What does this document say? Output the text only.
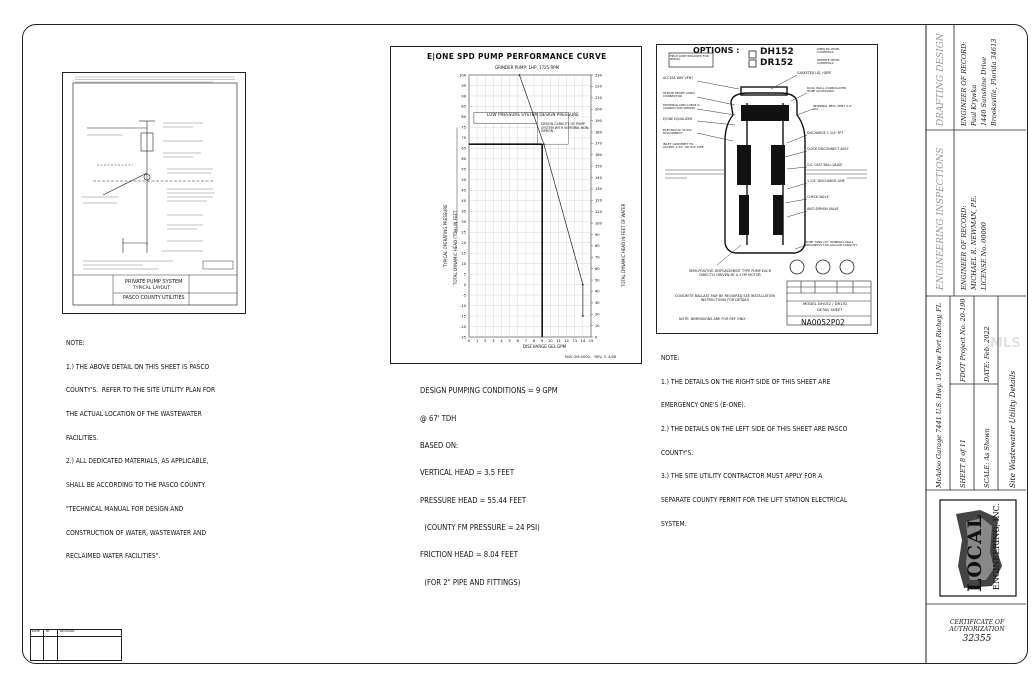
PRIVATE PUMP SYSTEM
TYPICAL LAYOUT
PASCO COUNTY UTILITIES

NOTE:

1.) THE ABOVE DETAIL ON THIS SHEET IS PASCO

COUNTY'S.  REFER TO THE SITE UTILITY PLAN FOR

THE ACTUAL LOCATION OF THE WASTEWATER

FACILITIES.

2.) ALL DEDICATED MATERIALS, AS APPLICABLE,

SHALL BE ACCORDING TO THE PASCO COUNTY

"TECHNICAL MANUAL FOR DESIGN AND

CONSTRUCTION OF WATER, WASTEWATER AND

RECLAIMED WATER FACILITIES".

100
95
90
85
80
75
70
65
60
55
50
45
40
35
30
25
20
15
10
5
0
-5
-10
-15
-20
-25
0 1 2 3 4 5 6 7 8 9 10 11 12 13 14 15
230
220
210
200
190
180
170
160
150
140
130
120
110
100
90
80
70
60
50
40
30
20
10
0
E|ONE SPD PUMP PERFORMANCE CURVE
GRINDER PUMP: 1HP, 1725 RPM
LOW PRESSURE SYSTEM DESIGN PRESSURE
DESIGN CAPACITY OF PUMP SYSTEM WITH INTEGRAL NON-SIPHON
DISCHARGE GEL GPM
ENV OM-0000    REV. 3  4/08
TYPICAL OPERATING PRESSURE TOTAL DYNAMIC HEAD (TDH) IN FEET	TOTAL DYNAMIC HEAD IN FEET OF WATER

DESIGN PUMPING CONDITIONS = 9 GPM

@ 67' TDH

BASED ON:

VERTICAL HEAD = 3.5 FEET

PRESSURE HEAD = 55.44 FEET

(COUNTY FM PRESSURE = 24 PSI)

FRICTION HEAD = 8.04 FEET

(FOR 2" PIPE AND FITTINGS)

OPTIONS : DH152	SIMPLEX LEVEL CONTROLS
DR152	REMOTE LEVEL CONTROLS
FIELD JOINT REQUIRED FOR BURIAL
ACCESS WAY VENT
STRAIN RELIEF CORD CONNECTOR
POWER/ALARM CABLE & CONDUCTOR WIRING
E/ONE EQUALIZER
ELECTRICAL QUICK DISCONNECT
INLET GROMMET TO ACCEPT 4.50" OD PVC PIPE
SEMI-POSITIVE DISPLACEMENT TYPE PUMP EACH DIRECTLY DRIVEN BY A 1 HP MOTOR
CONCRETE BALLAST MAY BE REQUIRED SEE INSTALLATION INSTRUCTIONS FOR DETAILS
NOTE: DIMENSIONS ARE FOR REF ONLY
GASKETED LID, HDPE
DUAL WALL CORRUGATED HDPE ACCESSWAY
INTERNAL BELL VENT 2.0" DIA
DISCHARGE 1 1/4" FPT
QUICK DISCONNECT ASSY.
S.S. CAST BALL VALVE
1 1/4" DISCHARGE LINE
CHECK VALVE
ANTI-SIPHON VALVE
HDPE TANK 1/2" NOMINAL WALL THICKNESS 150 GALLON CAPACITY
MODEL DH152 / DR152
DETAIL SHEET
NA0052P02

NOTE:

1.) THE DETAILS ON THE RIGHT SIDE OF THIS SHEET ARE

EMERGENCY ONE'S (E-ONE).

2.) THE DETAILS ON THE LEFT SIDE OF THIS SHEET ARE PASCO

COUNTY'S.

3.) THE SITE UTILITY CONTRACTOR MUST APPLY FOR A

SEPARATE COUNTY PERMIT FOR THE LIFT STATION ELECTRICAL

SYSTEM.

MLS
DRAFTING DESIGN ENGINEER OF RECORD: Paul Krywka 1440 Sunshine Drive Brooksville, Florida 34613
ENGINEERING INSPECTIONS ENGINEER OF RECORD: MICHAEL R. NEWMAN, P.E. LICENSE No. 00000
McAdoo Garage 7441 U.S. Hwy. 19 New Port Richey, FL FDOT Project No. 20-190 DATE: Feb. 2022
SHEET 8 of 11 SCALE: As Shown Site Wastewater Utility Details
LOCAL ENGINEERING, INC.
CERTIFICATE OF
AUTHORIZATION
32355
DATE BY	REVISION
